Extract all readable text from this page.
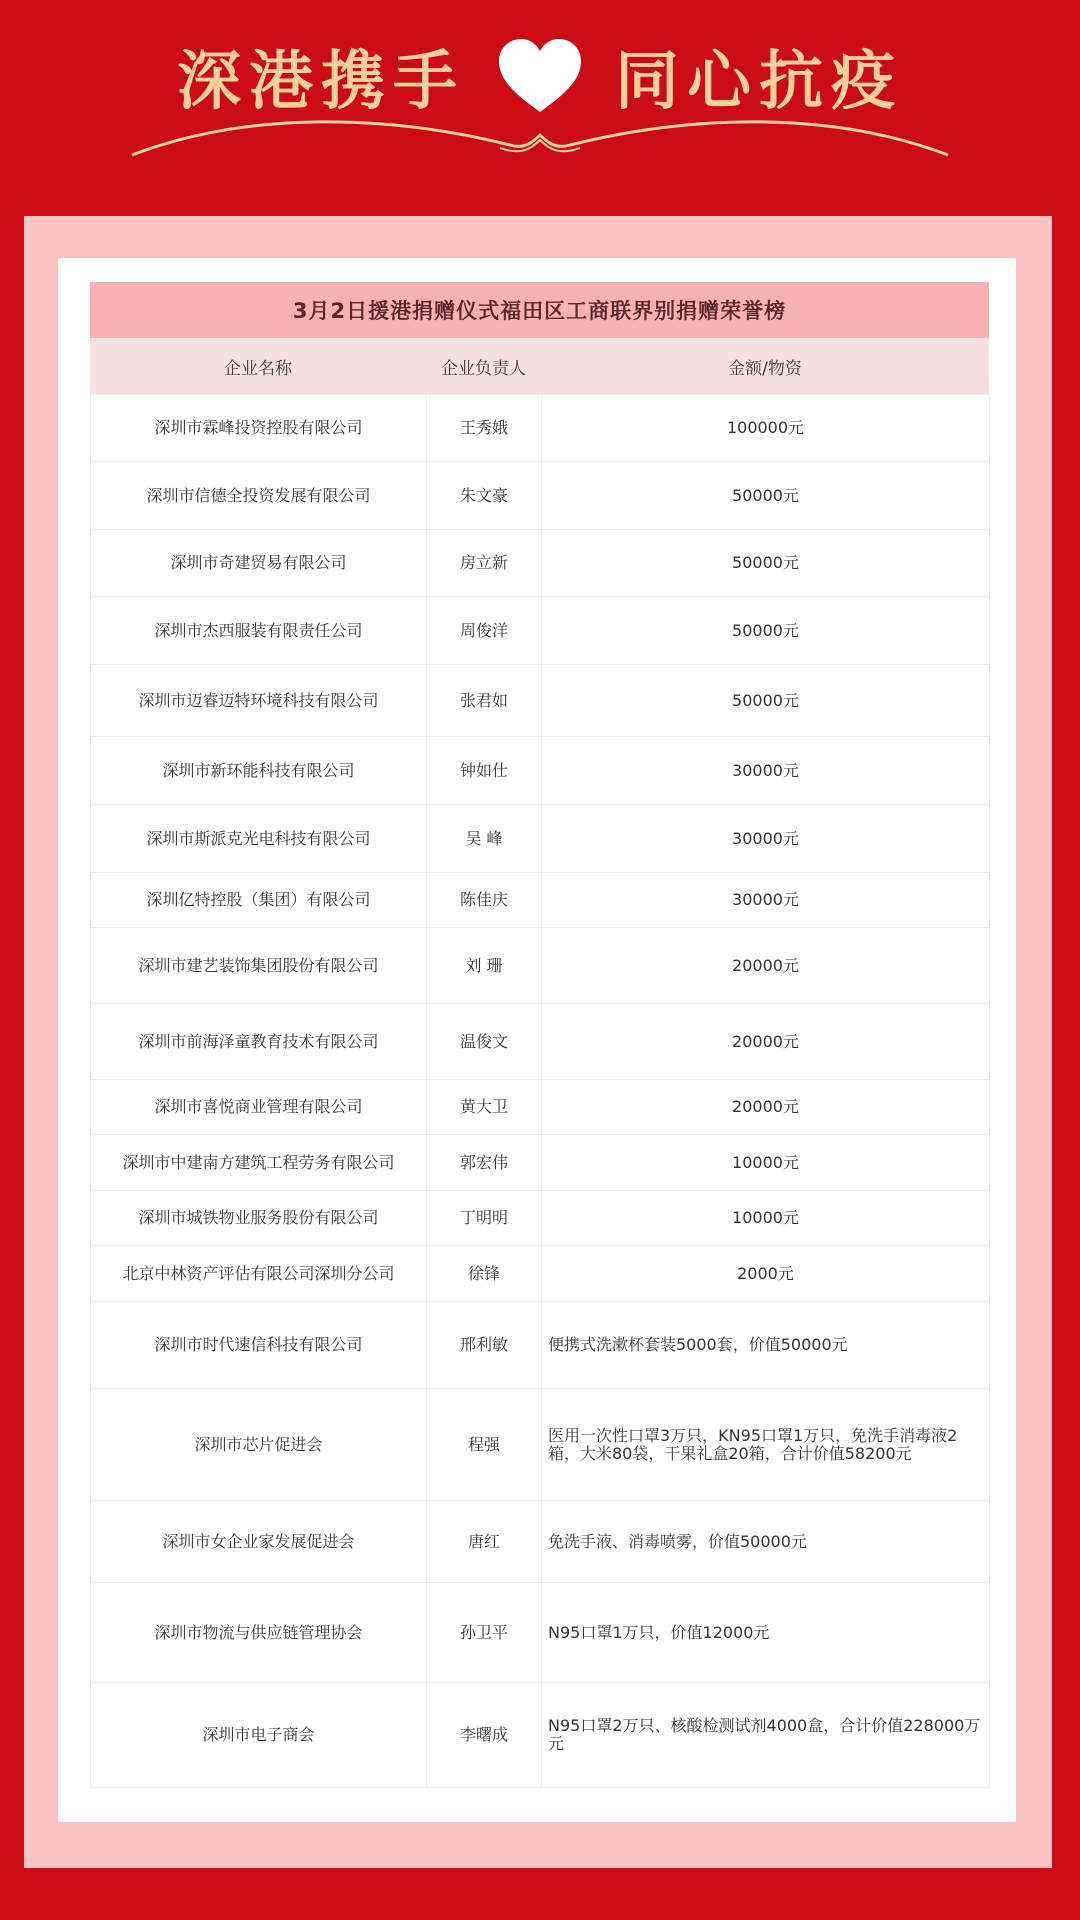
深港携手 同心抗疫
3月2日援港捐赠仪式福田区工商联界别捐赠荣誉榜
企业名称	企业负责人	金额/物资
深圳市霖峰投资控股有限公司	王秀娥	100000元
深圳市信德全投资发展有限公司	朱文豪	50000元
深圳市奇建贸易有限公司	房立新	50000元
深圳市杰西服装有限责任公司	周俊洋	50000元
深圳市迈睿迈特环境科技有限公司	张君如	50000元
深圳市新环能科技有限公司	钟如仕	30000元
深圳市斯派克光电科技有限公司	吴 峰	30000元
深圳亿特控股（集团）有限公司	陈佳庆	30000元
深圳市建艺装饰集团股份有限公司	刘 珊	20000元
深圳市前海泽童教育技术有限公司	温俊文	20000元
深圳市喜悦商业管理有限公司	黄大卫	20000元
深圳市中建南方建筑工程劳务有限公司	郭宏伟	10000元
深圳市城铁物业服务股份有限公司	丁明明	10000元
北京中林资产评估有限公司深圳分公司	徐锋	2000元
深圳市时代速信科技有限公司	邢利敏	便携式洗漱杯套装5000套，价值50000元
深圳市芯片促进会	程强	医用一次性口罩3万只，KN95口罩1万只，免洗手消毒液2箱，大米80袋，干果礼盒20箱，合计价值58200元
深圳市女企业家发展促进会	唐红	免洗手液、消毒喷雾，价值50000元
深圳市物流与供应链管理协会	孙卫平	N95口罩1万只，价值12000元
深圳市电子商会	李曙成	N95口罩2万只、核酸检测试剂4000盒，合计价值228000万元
